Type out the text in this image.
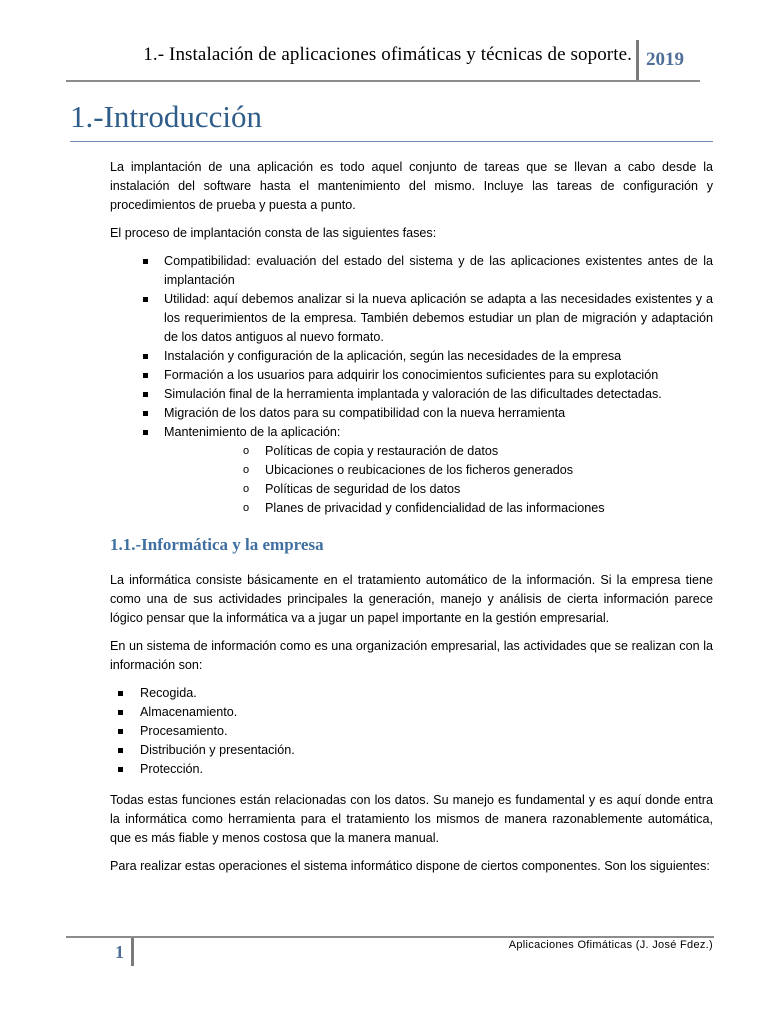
1.- Instalación de aplicaciones ofimáticas y técnicas de soporte. 2019
1.-Introducción

La implantación de una aplicación es todo aquel conjunto de tareas que se llevan a cabo desde la instalación del software hasta el mantenimiento del mismo. Incluye las tareas de configuración y procedimientos de prueba y puesta a punto.

El proceso de implantación consta de las siguientes fases:

Compatibilidad: evaluación del estado del sistema y de las aplicaciones existentes antes de la implantación
Utilidad: aquí debemos analizar si la nueva aplicación se adapta a las necesidades existentes y a los requerimientos de la empresa. También debemos estudiar un plan de migración y adaptación de los datos antiguos al nuevo formato.
Instalación y configuración de la aplicación, según las necesidades de la empresa
Formación a los usuarios para adquirir los conocimientos suficientes para su explotación
Simulación final de la herramienta implantada y valoración de las dificultades detectadas.
Migración de los datos para su compatibilidad con la nueva herramienta
Mantenimiento de la aplicación:
o Políticas de copia y restauración de datos
o Ubicaciones o reubicaciones de los ficheros generados
o Políticas de seguridad de los datos
o Planes de privacidad y confidencialidad de las informaciones
1.1.-Informática y la empresa

La informática consiste básicamente en el tratamiento automático de la información. Si la empresa tiene como una de sus actividades principales la generación, manejo y análisis de cierta información parece lógico pensar que la informática va a jugar un papel importante en la gestión empresarial.

En un sistema de información como es una organización empresarial, las actividades que se realizan con la información son:

Recogida.
Almacenamiento.
Procesamiento.
Distribución y presentación.
Protección.

Todas estas funciones están relacionadas con los datos. Su manejo es fundamental y es aquí donde entra la informática como herramienta para el tratamiento los mismos de manera razonablemente automática, que es más fiable y menos costosa que la manera manual.

Para realizar estas operaciones el sistema informático dispone de ciertos componentes. Son los siguientes:

1	Aplicaciones Ofimáticas (J. José Fdez.)
